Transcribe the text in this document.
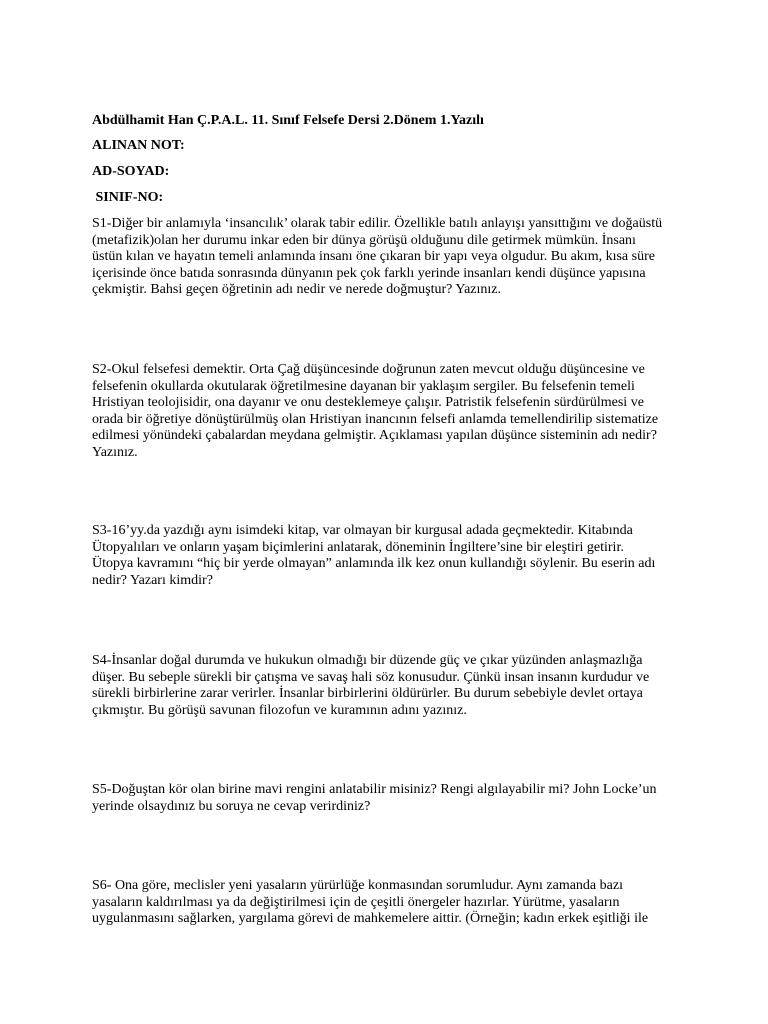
Abdülhamit Han Ç.P.A.L. 11. Sınıf Felsefe Dersi 2.Dönem 1.Yazılı
ALINAN NOT:
AD-SOYAD:
SINIF-NO:
S1-Diğer bir anlamıyla ‘insancılık’ olarak tabir edilir. Özellikle batılı anlayışı yansıttığını ve doğaüstü
(metafizik)olan her durumu inkar eden bir dünya görüşü olduğunu dile getirmek mümkün. İnsanı
üstün kılan ve hayatın temeli anlamında insanı öne çıkaran bir yapı veya olgudur. Bu akım, kısa süre
içerisinde önce batıda sonrasında dünyanın pek çok farklı yerinde insanları kendi düşünce yapısına
çekmiştir. Bahsi geçen öğretinin adı nedir ve nerede doğmuştur? Yazınız.
S2-Okul felsefesi demektir. Orta Çağ düşüncesinde doğrunun zaten mevcut olduğu düşüncesine ve
felsefenin okullarda okutularak öğretilmesine dayanan bir yaklaşım sergiler. Bu felsefenin temeli
Hristiyan teolojisidir, ona dayanır ve onu desteklemeye çalışır. Patristik felsefenin sürdürülmesi ve
orada bir öğretiye dönüştürülmüş olan Hristiyan inancının felsefi anlamda temellendirilip sistematize
edilmesi yönündeki çabalardan meydana gelmiştir. Açıklaması yapılan düşünce sisteminin adı nedir?
Yazınız.
S3-16’yy.da yazdığı aynı isimdeki kitap, var olmayan bir kurgusal adada geçmektedir. Kitabında
Ütopyalıları ve onların yaşam biçimlerini anlatarak, döneminin İngiltere’sine bir eleştiri getirir.
Ütopya kavramını “hiç bir yerde olmayan” anlamında ilk kez onun kullandığı söylenir. Bu eserin adı
nedir? Yazarı kimdir?
S4-İnsanlar doğal durumda ve hukukun olmadığı bir düzende güç ve çıkar yüzünden anlaşmazlığa
düşer. Bu sebeple sürekli bir çatışma ve savaş hali söz konusudur. Çünkü insan insanın kurdudur ve
sürekli birbirlerine zarar verirler. İnsanlar birbirlerini öldürürler. Bu durum sebebiyle devlet ortaya
çıkmıştır. Bu görüşü savunan filozofun ve kuramının adını yazınız.
S5-Doğuştan kör olan birine mavi rengini anlatabilir misiniz? Rengi algılayabilir mi? John Locke’un
yerinde olsaydınız bu soruya ne cevap verirdiniz?
S6- Ona göre, meclisler yeni yasaların yürürlüğe konmasından sorumludur. Aynı zamanda bazı
yasaların kaldırılması ya da değiştirilmesi için de çeşitli önergeler hazırlar. Yürütme, yasaların
uygulanmasını sağlarken, yargılama görevi de mahkemelere aittir. (Örneğin; kadın erkek eşitliği ile
